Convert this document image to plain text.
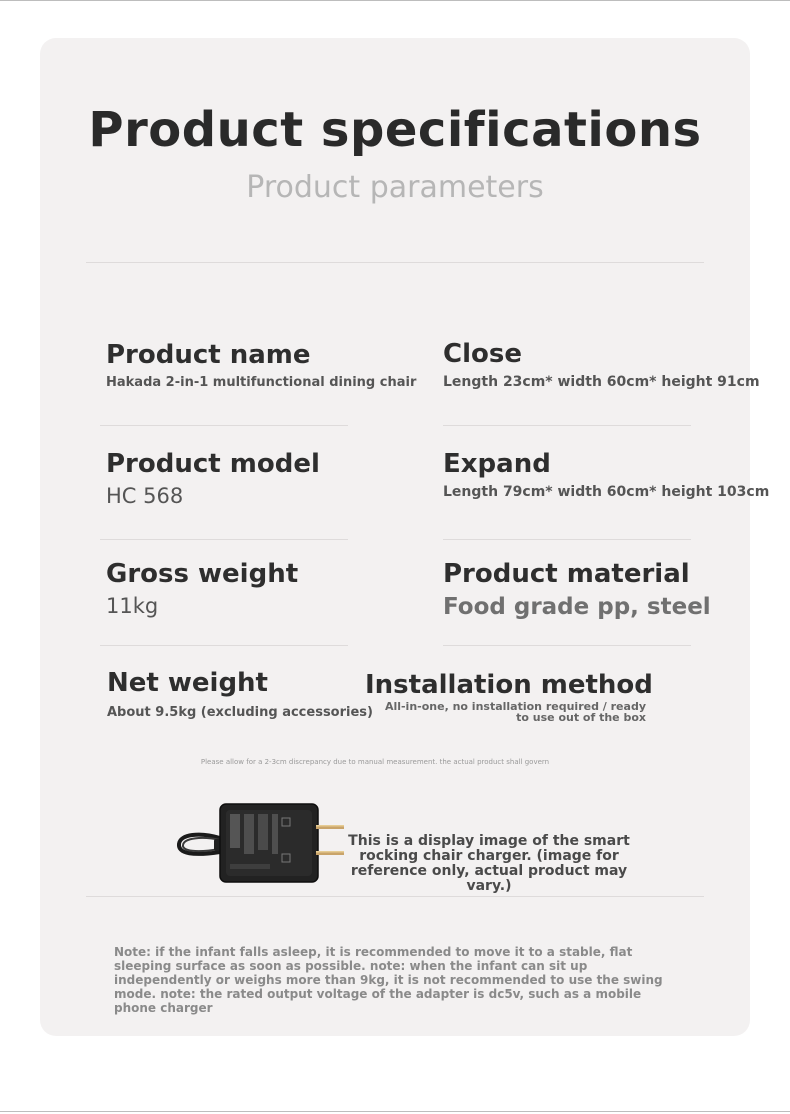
Product specifications
Product parameters
Product name
Hakada 2-in-1 multifunctional dining chair
Close
Length 23cm* width 60cm* height 91cm
Product model
HC 568
Expand
Length 79cm* width 60cm* height 103cm
Gross weight
11kg
Product material
Food grade pp, steel
Net weight
About 9.5kg (excluding accessories)
Installation method
All-in-one, no installation required / ready to use out of the box
Please allow for a 2-3cm discrepancy due to manual measurement. the actual product shall govern
This is a display image of the smart rocking chair charger. (image for reference only, actual product may vary.)
Note: if the infant falls asleep, it is recommended to move it to a stable, flat sleeping surface as soon as possible. note: when the infant can sit up independently or weighs more than 9kg, it is not recommended to use the swing mode. note: the rated output voltage of the adapter is dc5v, such as a mobile phone charger
